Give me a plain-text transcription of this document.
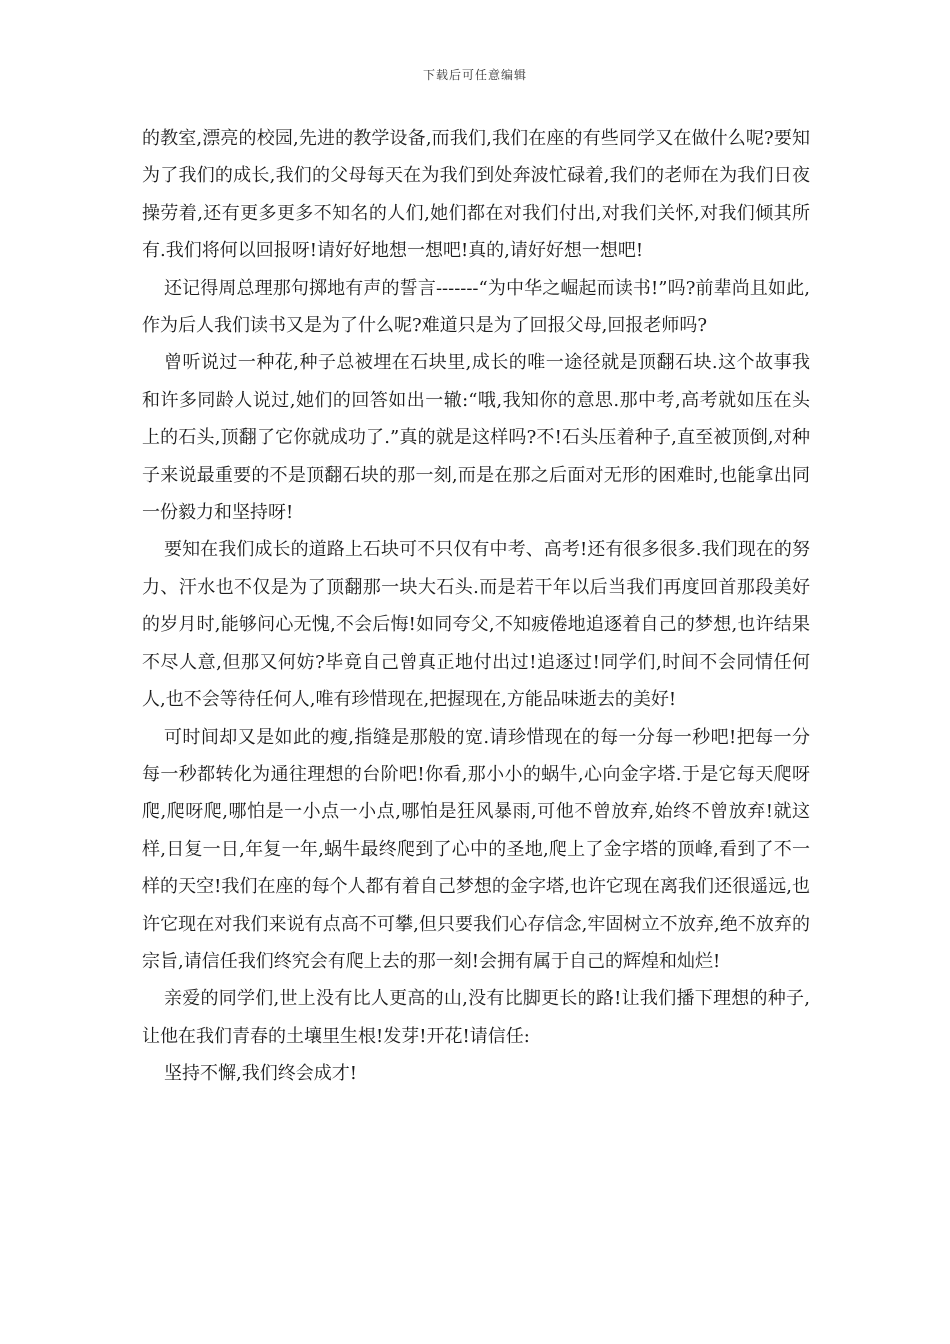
下载后可任意编辑

的教室,漂亮的校园,先进的教学设备,而我们,我们在座的有些同学又在做什么呢?要知为了我们的成长,我们的父母每天在为我们到处奔波忙碌着,我们的老师在为我们日夜操劳着,还有更多更多不知名的人们,她们都在对我们付出,对我们关怀,对我们倾其所有.我们将何以回报呀!请好好地想一想吧!真的,请好好想一想吧!

还记得周总理那句掷地有声的誓言-------“为中华之崛起而读书!”吗?前辈尚且如此,作为后人我们读书又是为了什么呢?难道只是为了回报父母,回报老师吗?

曾听说过一种花,种子总被埋在石块里,成长的唯一途径就是顶翻石块.这个故事我和许多同龄人说过,她们的回答如出一辙:“哦,我知你的意思.那中考,高考就如压在头上的石头,顶翻了它你就成功了.”真的就是这样吗?不!石头压着种子,直至被顶倒,对种子来说最重要的不是顶翻石块的那一刻,而是在那之后面对无形的困难时,也能拿出同一份毅力和坚持呀!

要知在我们成长的道路上石块可不只仅有中考、高考!还有很多很多.我们现在的努力、汗水也不仅是为了顶翻那一块大石头.而是若干年以后当我们再度回首那段美好的岁月时,能够问心无愧,不会后悔!如同夸父,不知疲倦地追逐着自己的梦想,也许结果不尽人意,但那又何妨?毕竟自己曾真正地付出过!追逐过!同学们,时间不会同情任何人,也不会等待任何人,唯有珍惜现在,把握现在,方能品味逝去的美好!

可时间却又是如此的瘦,指缝是那般的宽.请珍惜现在的每一分每一秒吧!把每一分每一秒都转化为通往理想的台阶吧!你看,那小小的蜗牛,心向金字塔.于是它每天爬呀爬,爬呀爬,哪怕是一小点一小点,哪怕是狂风暴雨,可他不曾放弃,始终不曾放弃!就这样,日复一日,年复一年,蜗牛最终爬到了心中的圣地,爬上了金字塔的顶峰,看到了不一样的天空!我们在座的每个人都有着自己梦想的金字塔,也许它现在离我们还很遥远,也许它现在对我们来说有点高不可攀,但只要我们心存信念,牢固树立不放弃,绝不放弃的宗旨,请信任我们终究会有爬上去的那一刻!会拥有属于自己的辉煌和灿烂!

亲爱的同学们,世上没有比人更高的山,没有比脚更长的路!让我们播下理想的种子,让他在我们青春的土壤里生根!发芽!开花!请信任:

坚持不懈,我们终会成才!
